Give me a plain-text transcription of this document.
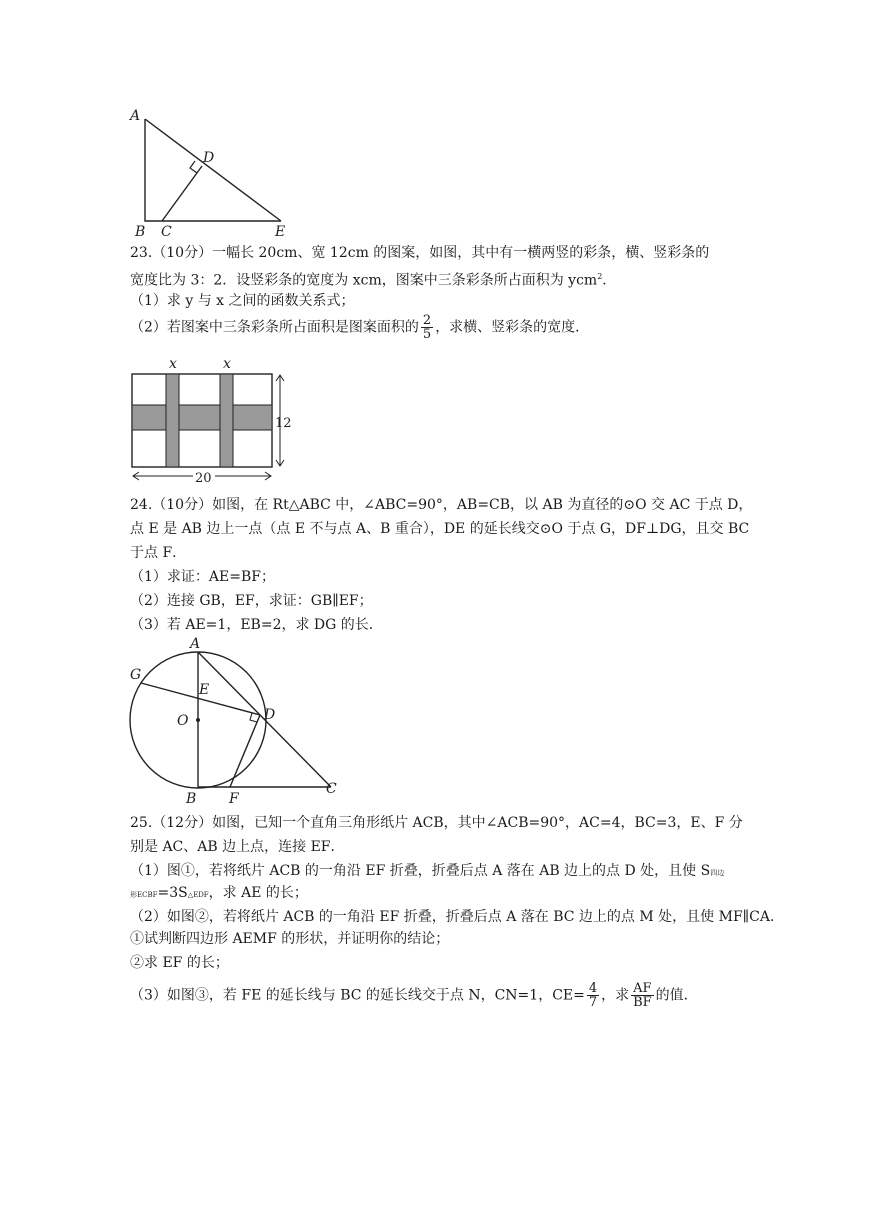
A
B C
D
E
23.（10分）一幅长 20cm、宽 12cm 的图案，如图，其中有一横两竖的彩条，横、竖彩条的
宽度比为 3：2．设竖彩条的宽度为 xcm，图案中三条彩条所占面积为 ycm$^2$．
（1）求 y 与 x 之间的函数关系式；
（2）若图案中三条彩条所占面积是图案面积的 $\frac{2}{5}$ ，求横、竖彩条的宽度．
x	x
12
20
24.（10分）如图，在 Rt△ABC 中，∠ABC=90°，AB=CB，以 AB 为直径的⊙O 交 AC 于点 D，
点 E 是 AB 边上一点（点 E 不与点 A、B 重合），DE 的延长线交⊙O 于点 G，DF⊥DG，且交 BC
于点 F．
（1）求证：AE=BF；
（2）连接 GB，EF，求证：GB∥EF；
（3）若 AE=1，EB=2，求 DG 的长．
A
G
E
O	D
B F
C
25.（12分）如图，已知一个直角三角形纸片 ACB，其中∠ACB=90°，AC=4，BC=3，E、F 分
别是 AC、AB 边上点，连接 EF．
（1）图①，若将纸片 ACB 的一角沿 EF 折叠，折叠后点 A 落在 AB 边上的点 D 处，且使 S四边
形ECBF=3S△EDF，求 AE 的长；
（2）如图②，若将纸片 ACB 的一角沿 EF 折叠，折叠后点 A 落在 BC 边上的点 M 处，且使 MF∥CA．
①试判断四边形 AEMF 的形状，并证明你的结论；
②求 EF 的长；
（3）如图③，若 FE 的延长线与 BC 的延长线交于点 N，CN=1，$CE= \frac{4}{7}$ ，求 $\frac{AF}{BF}$ 的值．
